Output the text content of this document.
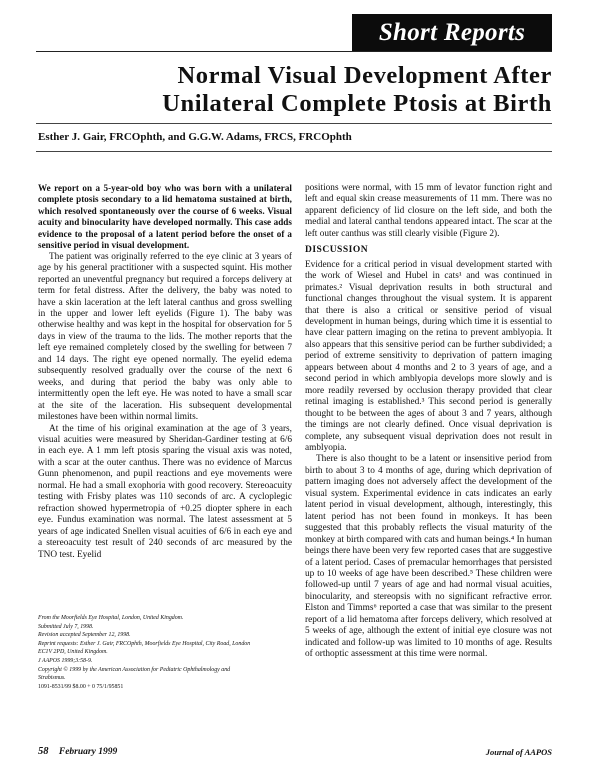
Short Reports
Normal Visual Development After
Unilateral Complete Ptosis at Birth
Esther J. Gair, FRCOphth, and G.G.W. Adams, FRCS, FRCOphth

We report on a 5-year-old boy who was born with a unilateral complete ptosis secondary to a lid hematoma sustained at birth, which resolved spontaneously over the course of 6 weeks. Visual acuity and binocularity have developed normally. This case adds evidence to the proposal of a latent period before the onset of a sensitive period in visual development.

The patient was originally referred to the eye clinic at 3 years of age by his general practitioner with a suspected squint. His mother reported an uneventful pregnancy but required a forceps delivery at term for fetal distress. After the delivery, the baby was noted to have a skin laceration at the left lateral canthus and gross swelling in the upper and lower left eyelids (Figure 1). The baby was otherwise healthy and was kept in the hospital for observation for 5 days in view of the trauma to the lids. The mother reports that the left eye remained completely closed by the swelling for between 7 and 14 days. The right eye opened normally. The eyelid edema subsequently resolved gradually over the course of the next 6 weeks, and during that period the baby was only able to intermittently open the left eye. He was noted to have a small scar at the site of the laceration. His subsequent developmental milestones have been within normal limits.

At the time of his original examination at the age of 3 years, visual acuities were measured by Sheridan-Gardiner testing at 6/6 in each eye. A 1 mm left ptosis sparing the visual axis was noted, with a scar at the outer canthus. There was no evidence of Marcus Gunn phenomenon, and pupil reactions and eye movements were normal. He had a small exophoria with good recovery. Stereoacuity testing with Frisby plates was 110 seconds of arc. A cycloplegic refraction showed hypermetropia of +0.25 diopter sphere in each eye. Fundus examination was normal. The latest assessment at 5 years of age indicated Snellen visual acuities of 6/6 in each eye and a stereoacuity test result of 240 seconds of arc measured by the TNO test. Eyelid

From the Moorfields Eye Hospital, London, United Kingdom.
Submitted July 7, 1998.
Revision accepted September 12, 1998.
Reprint requests: Esther J. Gair, FRCOphth, Moorfields Eye Hospital, City Road, London
EC1V 2PD, United Kingdom.
J AAPOS 1999;3:58-9.
Copyright © 1999 by the American Association for Pediatric Ophthalmology and
Strabismus.
1091-8531/99 $8.00 + 0 75/1/95851

positions were normal, with 15 mm of levator function right and left and equal skin crease measurements of 11 mm. There was no apparent deficiency of lid closure on the left side, and both the medial and lateral canthal tendons appeared intact. The scar at the left outer canthus was still clearly visible (Figure 2).

DISCUSSION

Evidence for a critical period in visual development started with the work of Wiesel and Hubel in cats¹ and was continued in primates.² Visual deprivation results in both structural and functional changes throughout the visual system. It is apparent that there is also a critical or sensitive period of visual development in human beings, during which time it is essential to have clear pattern imaging on the retina to prevent amblyopia. It also appears that this sensitive period can be further subdivided; a period of extreme sensitivity to deprivation of pattern imaging appears between about 4 months and 2 to 3 years of age, and a second period in which amblyopia develops more slowly and is more readily reversed by occlusion therapy provided that clear retinal imaging is established.³ This second period is generally thought to be between the ages of about 3 and 7 years, although the timings are not clearly defined. Once visual deprivation is complete, any subsequent visual deprivation does not result in amblyopia.

There is also thought to be a latent or insensitive period from birth to about 3 to 4 months of age, during which deprivation of pattern imaging does not adversely affect the development of the visual system. Experimental evidence in cats indicates an early latent period in visual development, although, interestingly, this latent period has not been found in monkeys. It has been suggested that this probably reflects the visual maturity of the monkey at birth compared with cats and human beings.⁴ In human beings there have been very few reported cases that are suggestive of a latent period. Cases of premacular hemorrhages that persisted up to 10 weeks of age have been described.⁵ These children were followed-up until 7 years of age and had normal visual acuities, binocularity, and stereopsis with no significant refractive error. Elston and Timms⁶ reported a case that was similar to the present report of a lid hematoma after forceps delivery, which resolved at 5 weeks of age, although the extent of initial eye closure was not indicated and follow-up was limited to 10 months of age. Results of orthoptic assessment at this time were normal.

58 February 1999	Journal of AAPOS
